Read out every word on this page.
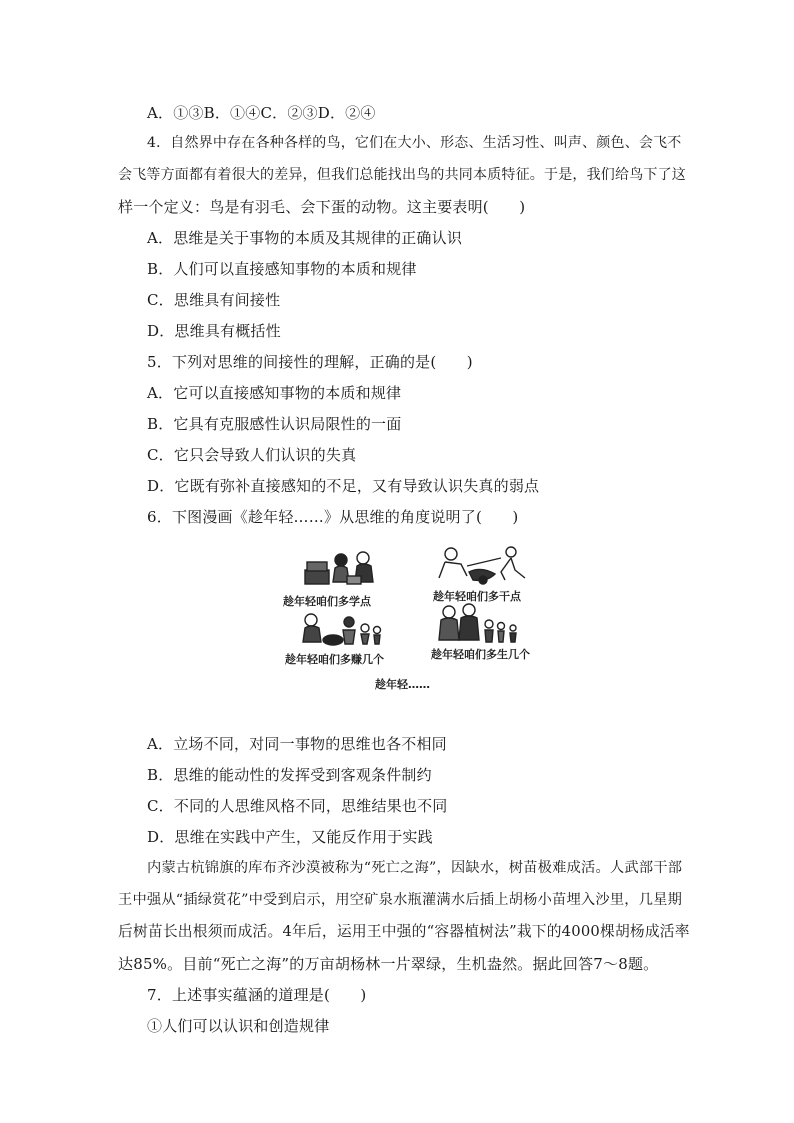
A．①③B．①④C．②③D．②④
4．自然界中存在各种各样的鸟，它们在大小、形态、生活习性、叫声、颜色、会飞不
会飞等方面都有着很大的差异，但我们总能找出鸟的共同本质特征。于是，我们给鸟下了这
样一个定义：鸟是有羽毛、会下蛋的动物。这主要表明(　　)
A．思维是关于事物的本质及其规律的正确认识
B．人们可以直接感知事物的本质和规律
C．思维具有间接性
D．思维具有概括性
5．下列对思维的间接性的理解，正确的是(　　)
A．它可以直接感知事物的本质和规律
B．它具有克服感性认识局限性的一面
C．它只会导致人们认识的失真
D．它既有弥补直接感知的不足，又有导致认识失真的弱点
6．下图漫画《趁年轻……》从思维的角度说明了(　　)
趁年轻咱们多学点	趁年轻咱们多干点
趁年轻咱们多赚几个	趁年轻咱们多生几个
趁年轻……
A．立场不同，对同一事物的思维也各不相同
B．思维的能动性的发挥受到客观条件制约
C．不同的人思维风格不同，思维结果也不同
D．思维在实践中产生，又能反作用于实践
内蒙古杭锦旗的库布齐沙漠被称为“死亡之海”，因缺水，树苗极难成活。人武部干部
王中强从“插绿赏花”中受到启示，用空矿泉水瓶灌满水后插上胡杨小苗埋入沙里，几星期
后树苗长出根须而成活。4年后，运用王中强的“容器植树法”栽下的4000棵胡杨成活率
达85%。目前“死亡之海”的万亩胡杨林一片翠绿，生机盎然。据此回答7～8题。
7．上述事实蕴涵的道理是(　　)
①人们可以认识和创造规律
